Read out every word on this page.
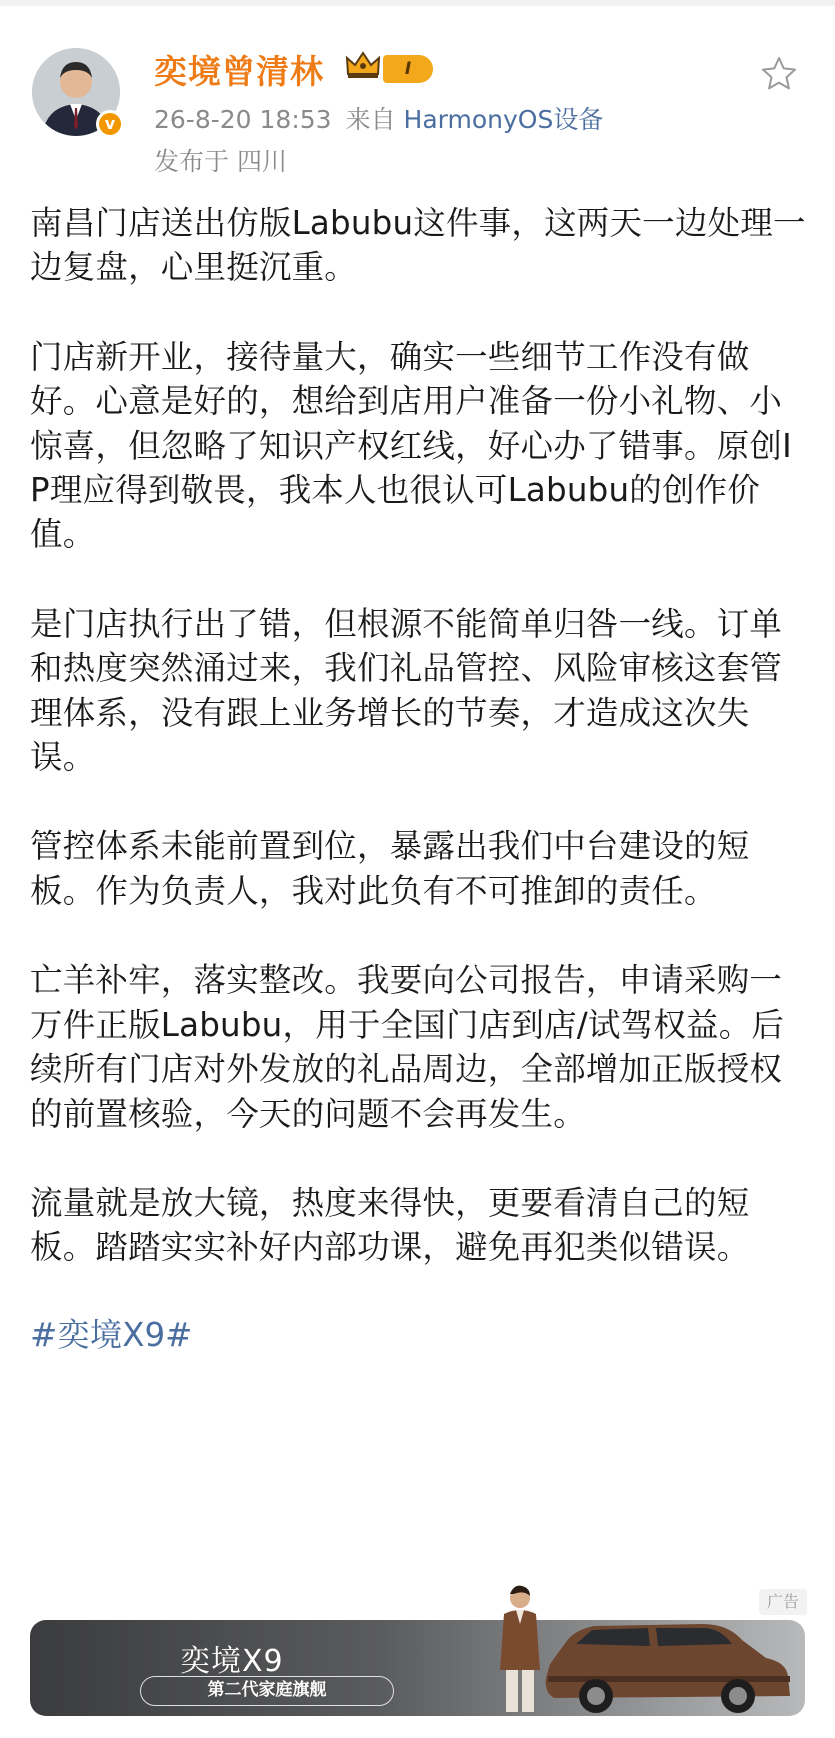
v
奕境曾清林	I
26-8-20 18:53 来自 HarmonyOS设备
发布于 四川

南昌门店送出仿版Labubu这件事，这两天一边处理一边复盘，心里挺沉重。

门店新开业，接待量大，确实一些细节工作没有做好。心意是好的，想给到店用户准备一份小礼物、小惊喜，但忽略了知识产权红线，好心办了错事。原创IP理应得到敬畏，我本人也很认可Labubu的创作价值。

是门店执行出了错，但根源不能简单归咎一线。订单和热度突然涌过来，我们礼品管控、风险审核这套管理体系，没有跟上业务增长的节奏，才造成这次失误。

管控体系未能前置到位，暴露出我们中台建设的短板。作为负责人，我对此负有不可推卸的责任。

亡羊补牢，落实整改。我要向公司报告，申请采购一万件正版Labubu，用于全国门店到店/试驾权益。后续所有门店对外发放的礼品周边，全部增加正版授权的前置核验，今天的问题不会再发生。

流量就是放大镜，热度来得快，更要看清自己的短板。踏踏实实补好内部功课，避免再犯类似错误。

#奕境X9#
广告
奕境X9
第二代家庭旗舰
